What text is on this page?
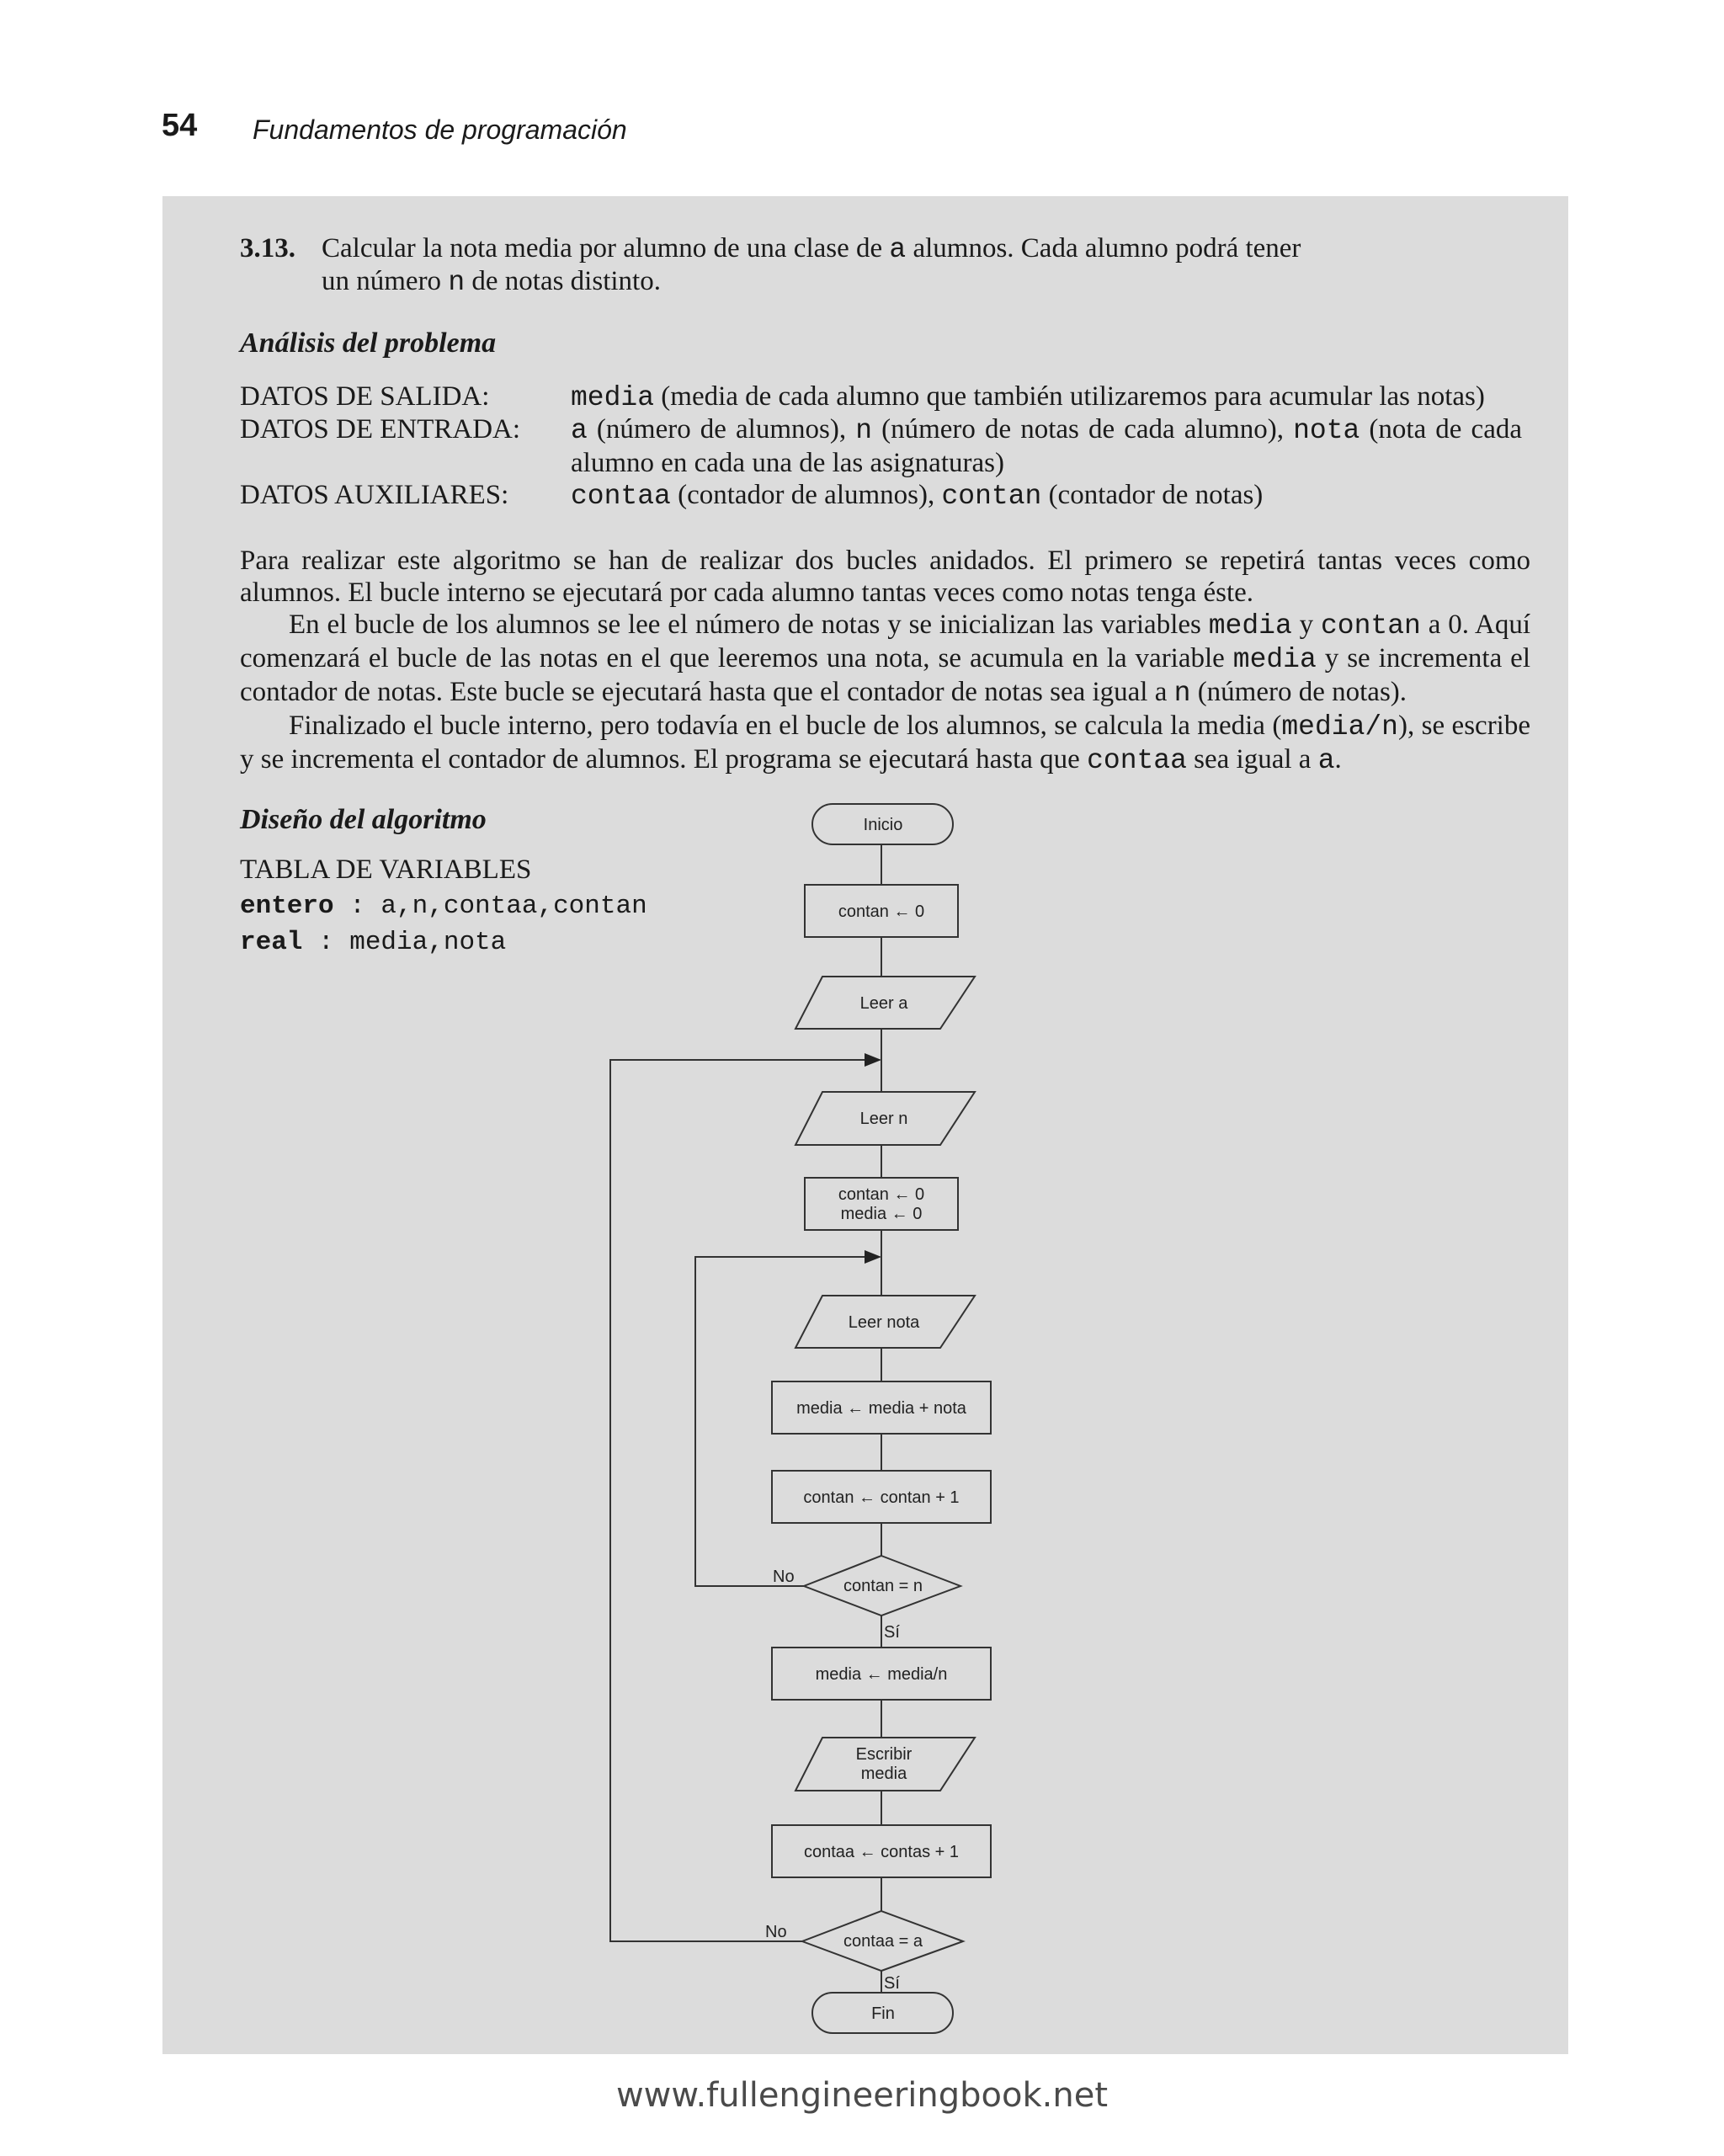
54 Fundamentos de programación
3.13. Calcular la nota media por alumno de una clase de a alumnos. Cada alumno podrá tener
un número n de notas distinto.
Análisis del problema
DATOS DE SALIDA:	media (media de cada alumno que también utilizaremos para acumular las notas)
DATOS DE ENTRADA: a (número de alumnos), n (número de notas de cada alumno), nota (nota de cada alumno en cada una de las asignaturas)
DATOS AUXILIARES: contaa (contador de alumnos), contan (contador de notas)

Para realizar este algoritmo se han de realizar dos bucles anidados. El primero se repetirá tantas veces como alumnos. El bucle interno se ejecutará por cada alumno tantas veces como notas tenga éste.

En el bucle de los alumnos se lee el número de notas y se inicializan las variables media y contan a 0. Aquí comenzará el bucle de las notas en el que leeremos una nota, se acumula en la variable media y se incrementa el contador de notas. Este bucle se ejecutará hasta que el contador de notas sea igual a n (número de notas).

Finalizado el bucle interno, pero todavía en el bucle de los alumnos, se calcula la media (media/n), se escribe y se incrementa el contador de alumnos. El programa se ejecutará hasta que contaa sea igual a a.

Diseño del algoritmo
TABLA DE VARIABLES
entero : a,n,contaa,contan
real : media,nota
Inicio
contan ← 0
Leer a
Leer n
contan ← 0
media ← 0
Leer nota
media ← media + nota
contan ← contan + 1
contan = n
media ← media/n
Escribir
media
contaa ← contas + 1
contaa = a
Fin
No
Sí
No
Sí
www.fullengineeringbook.net
